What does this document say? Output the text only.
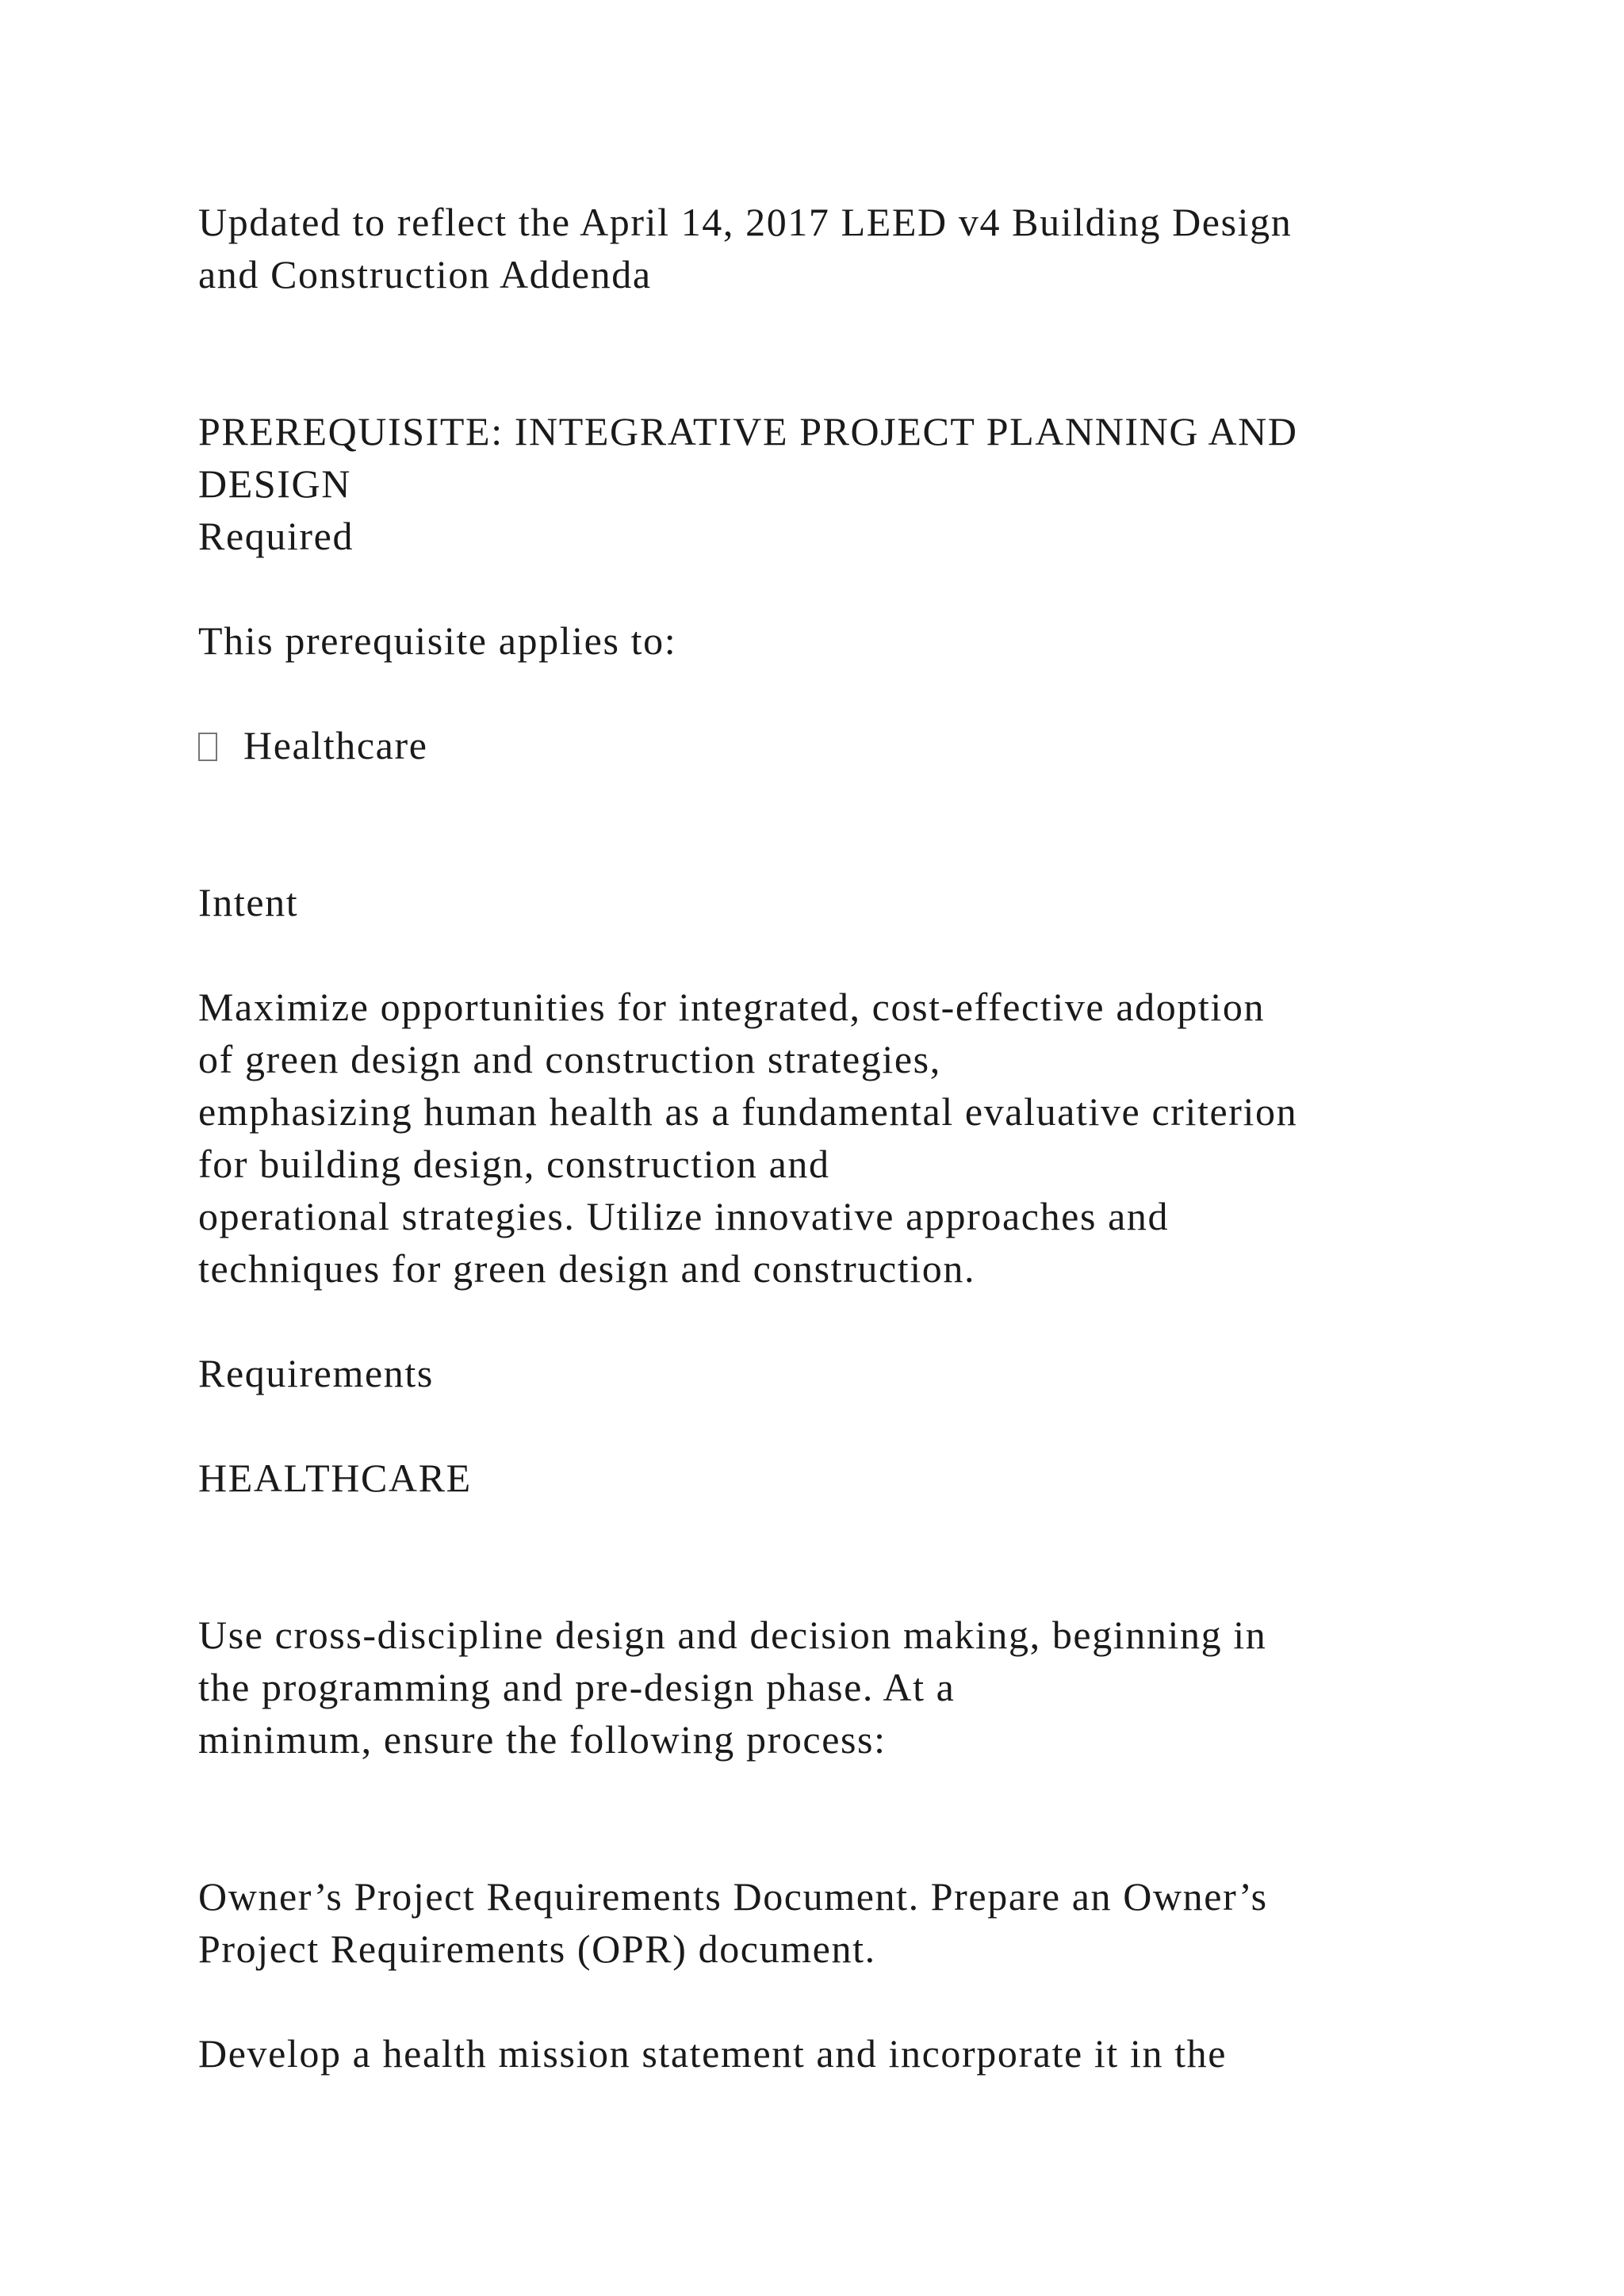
Updated to reflect the April 14, 2017 LEED v4 Building Design
and Construction Addenda
PREREQUISITE: INTEGRATIVE PROJECT PLANNING AND
DESIGN
Required
This prerequisite applies to:
Healthcare
Intent
Maximize opportunities for integrated, cost-effective adoption
of green design and construction strategies,
emphasizing human health as a fundamental evaluative criterion
for building design, construction and
operational strategies. Utilize innovative approaches and
techniques for green design and construction.
Requirements
HEALTHCARE
Use cross-discipline design and decision making, beginning in
the programming and pre-design phase. At a
minimum, ensure the following process:
Owner’s Project Requirements Document. Prepare an Owner’s
Project Requirements (OPR) document.
Develop a health mission statement and incorporate it in the
